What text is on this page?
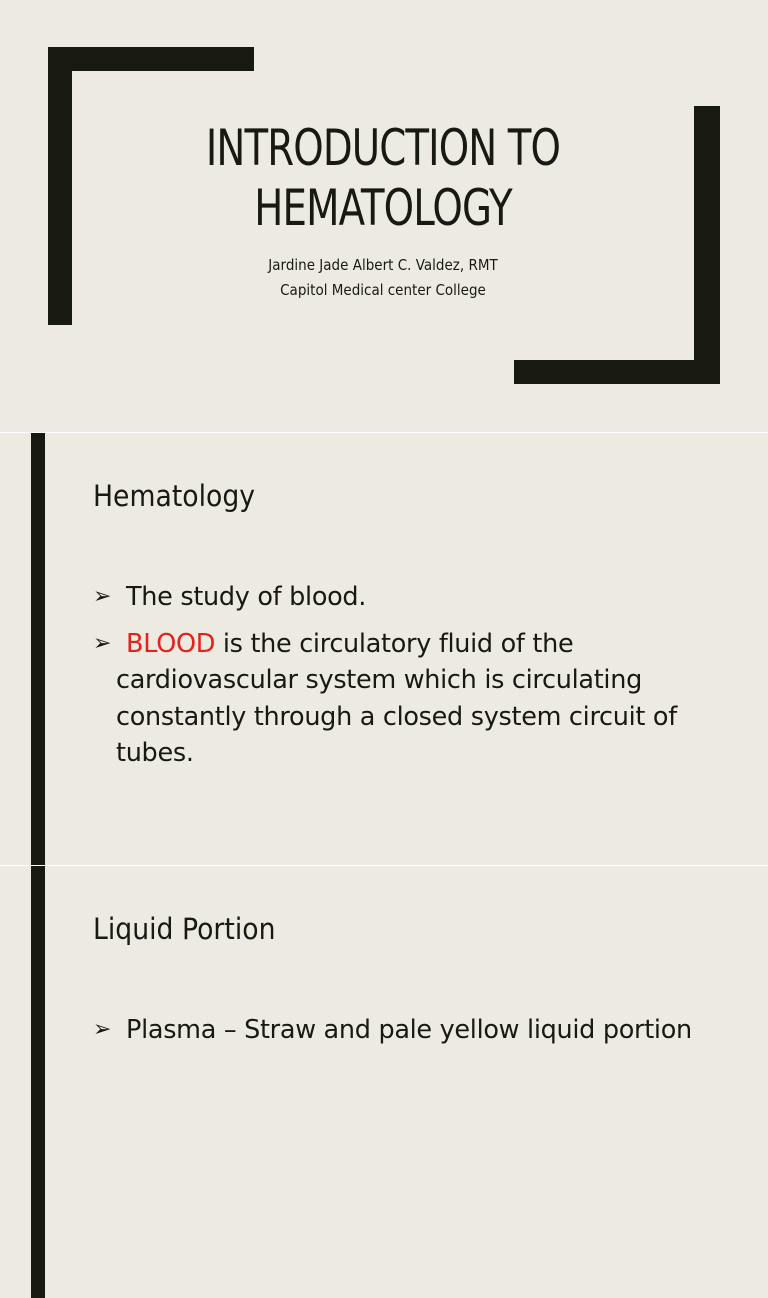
INTRODUCTION TO
HEMATOLOGY
Jardine Jade Albert C. Valdez, RMT
Capitol Medical center College
Hematology
➢ The study of blood.
➢ BLOOD is the circulatory fluid of the cardiovascular system which is circulating constantly through a closed system circuit of tubes.
Liquid Portion
➢ Plasma – Straw and pale yellow liquid portion
